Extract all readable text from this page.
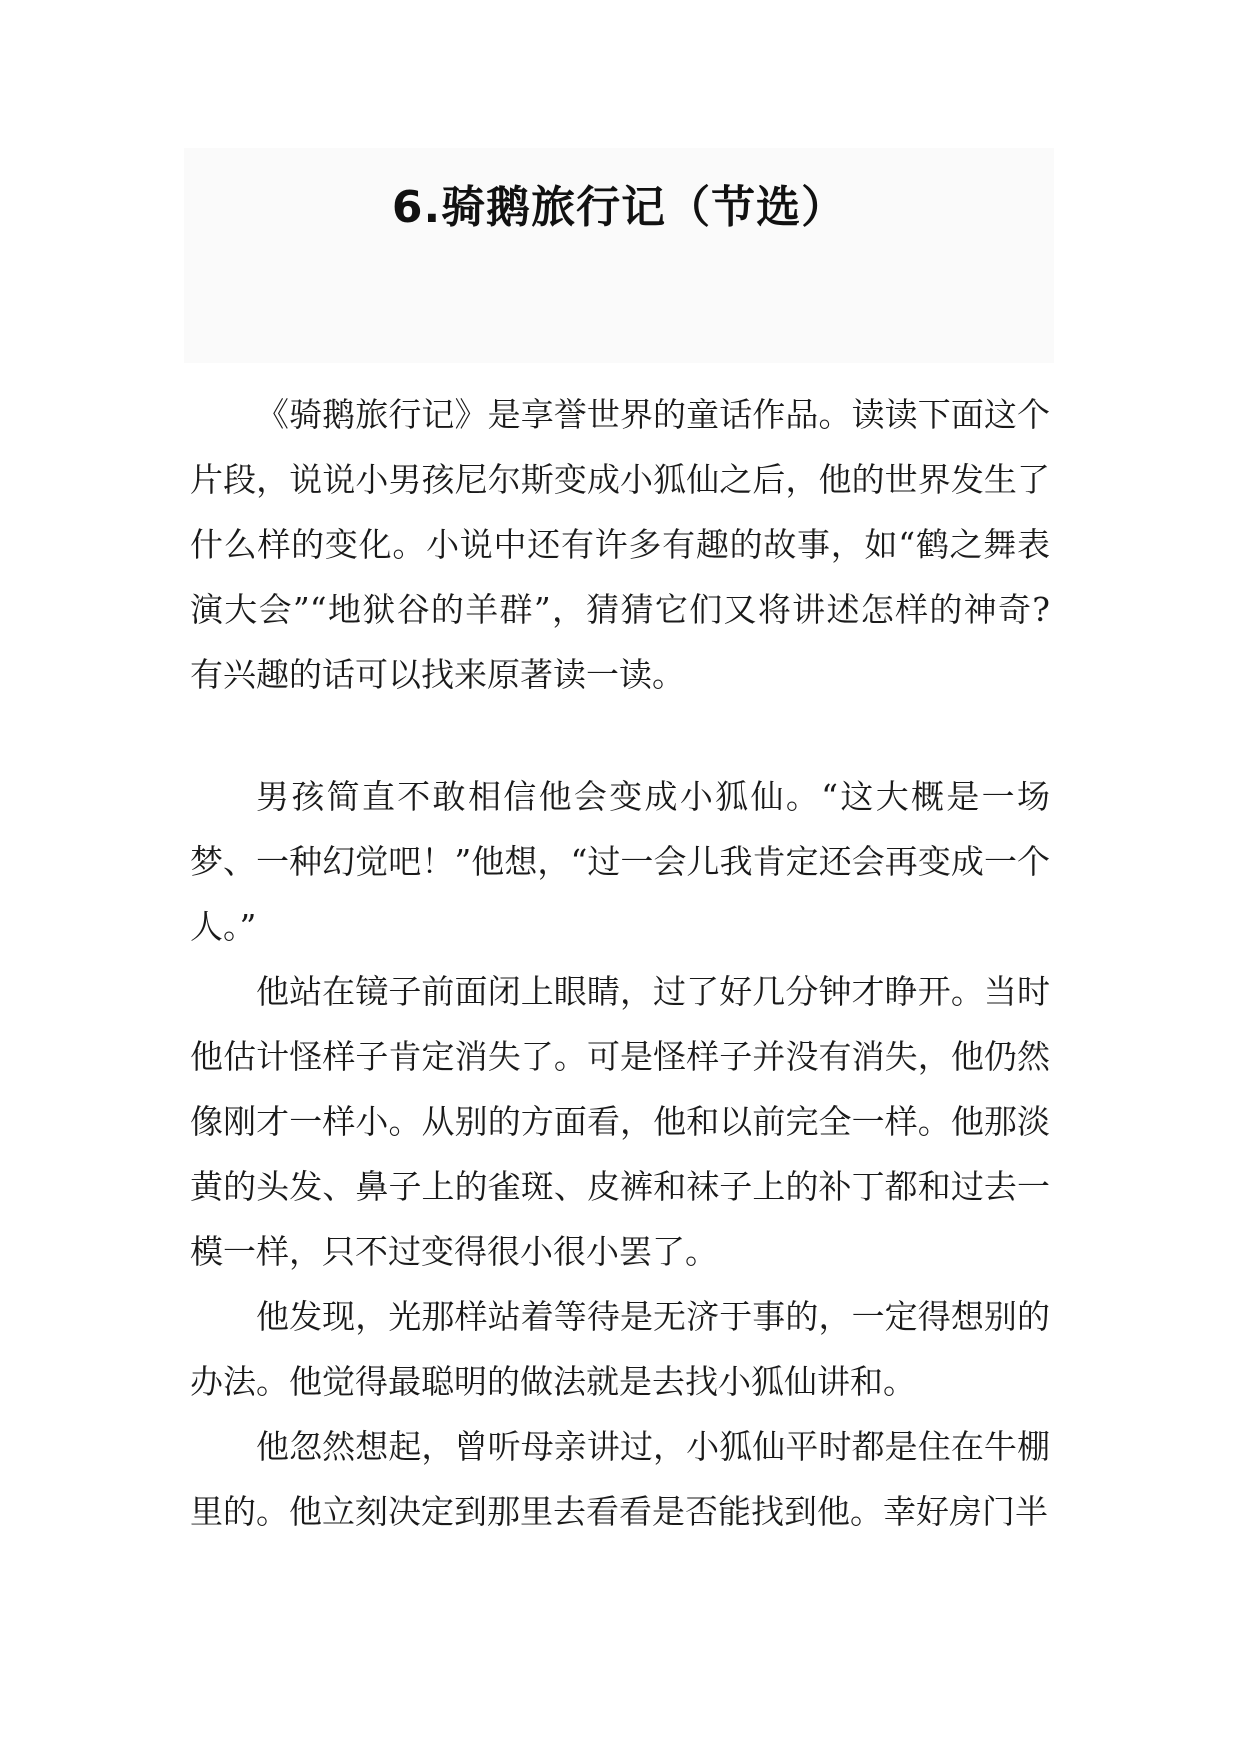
6.骑鹅旅行记（节选）

《骑鹅旅行记》是享誉世界的童话作品。读读下面这个片段，说说小男孩尼尔斯变成小狐仙之后，他的世界发生了什么样的变化。小说中还有许多有趣的故事，如“鹤之舞表演大会”“地狱谷的羊群”，猜猜它们又将讲述怎样的神奇?有兴趣的话可以找来原著读一读。

男孩简直不敢相信他会变成小狐仙。“这大概是一场梦、一种幻觉吧！”他想，“过一会儿我肯定还会再变成一个人。”

他站在镜子前面闭上眼睛，过了好几分钟才睁开。当时他估计怪样子肯定消失了。可是怪样子并没有消失，他仍然像刚才一样小。从别的方面看，他和以前完全一样。他那淡黄的头发、鼻子上的雀斑、皮裤和袜子上的补丁都和过去一模一样，只不过变得很小很小罢了。

他发现，光那样站着等待是无济于事的，一定得想别的办法。他觉得最聪明的做法就是去找小狐仙讲和。

他忽然想起，曾听母亲讲过，小狐仙平时都是住在牛棚里的。他立刻决定到那里去看看是否能找到他。幸好房门半
